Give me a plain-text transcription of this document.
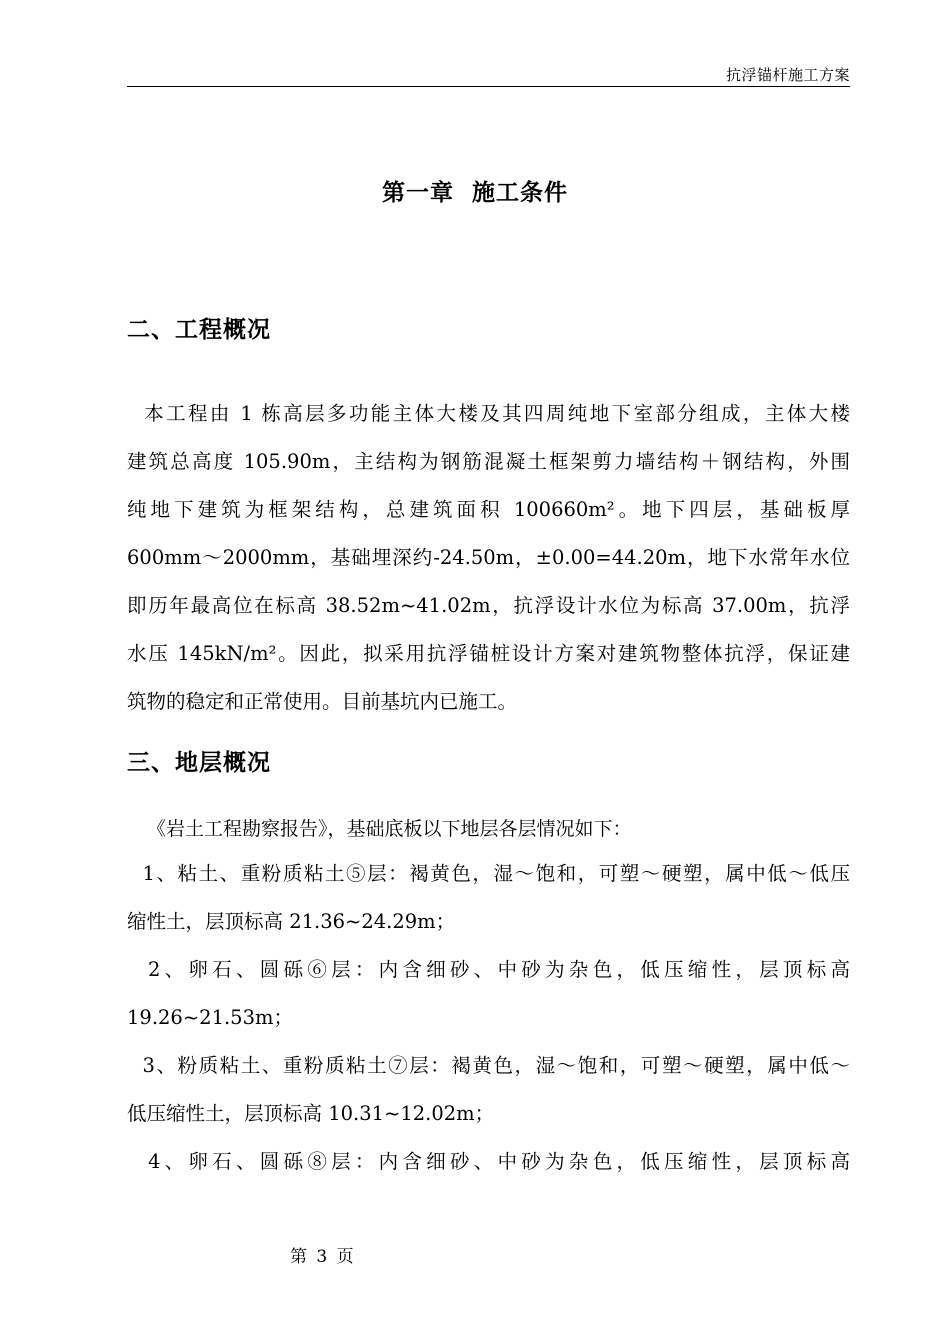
抗浮锚杆施工方案
第一章  施工条件
二、工程概况
本工程由 1 栋高层多功能主体大楼及其四周纯地下室部分组成，主体大楼
建筑总高度 105.90m，主结构为钢筋混凝土框架剪力墙结构＋钢结构，外围
纯地下建筑为框架结构，总建筑面积 100660m²。地下四层，基础板厚
600mm～2000mm，基础埋深约-24.50m，±0.00=44.20m，地下水常年水位
即历年最高位在标高 38.52m~41.02m，抗浮设计水位为标高 37.00m，抗浮
水压 145kN/m²。因此，拟采用抗浮锚桩设计方案对建筑物整体抗浮，保证建
筑物的稳定和正常使用。目前基坑内已施工。
三、地层概况
《岩土工程勘察报告》，基础底板以下地层各层情况如下：
1、粘土、重粉质粘土⑤层：褐黄色，湿～饱和，可塑～硬塑，属中低～低压
缩性土，层顶标高 21.36~24.29m；
2、卵石、圆砾⑥层：内含细砂、中砂为杂色，低压缩性，层顶标高
19.26~21.53m；
3、粉质粘土、重粉质粘土⑦层：褐黄色，湿～饱和，可塑～硬塑，属中低～
低压缩性土，层顶标高 10.31~12.02m；
4、卵石、圆砾⑧层：内含细砂、中砂为杂色，低压缩性，层顶标高
第 3 页
